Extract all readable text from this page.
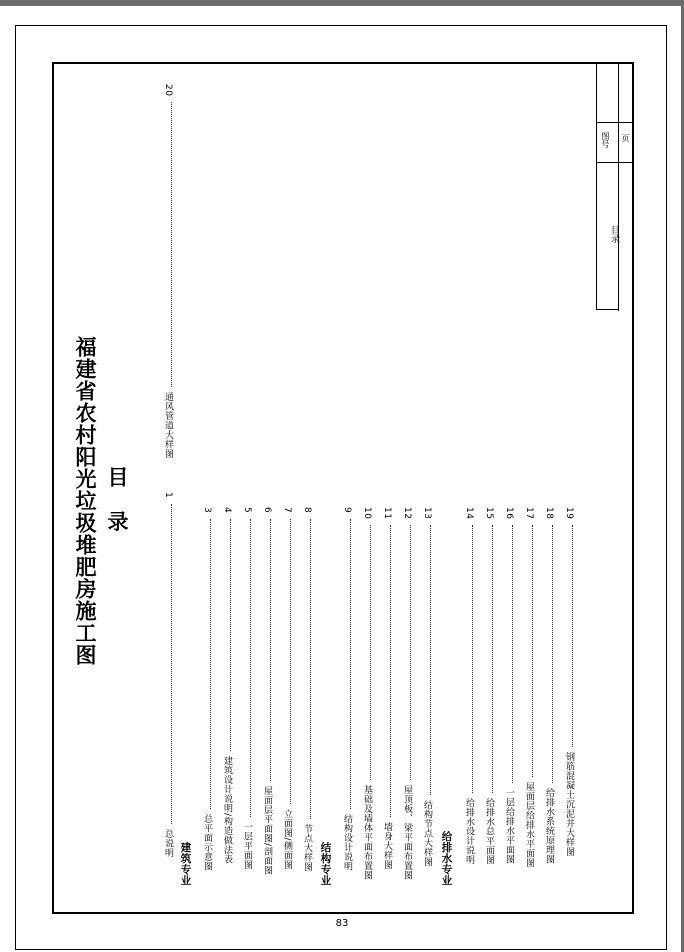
图号 页
目录
福建省农村阳光垃圾堆肥房施工图 目 录	1  总说明 建筑专业
3  总平面示意图
4  建筑设计说明/构造做法表
5  一层平面图
6  屋面层平面图/剖面图
7  立面图/侧面图
8  节点大样图 结构专业
9  结构设计说明
10  基础及墙体平面布置图
11  墙身大样图
12  屋顶板、梁平面布置图
13  结构节点大样图 给排水专业
14  给排水设计说明
15  给排水总平面图
16  一层给排水平面图
17  屋面层给排水平面图
18  给排水系统原理图
19  钢筋混凝土沉泥井大样图
20  通风管道大样图
83
